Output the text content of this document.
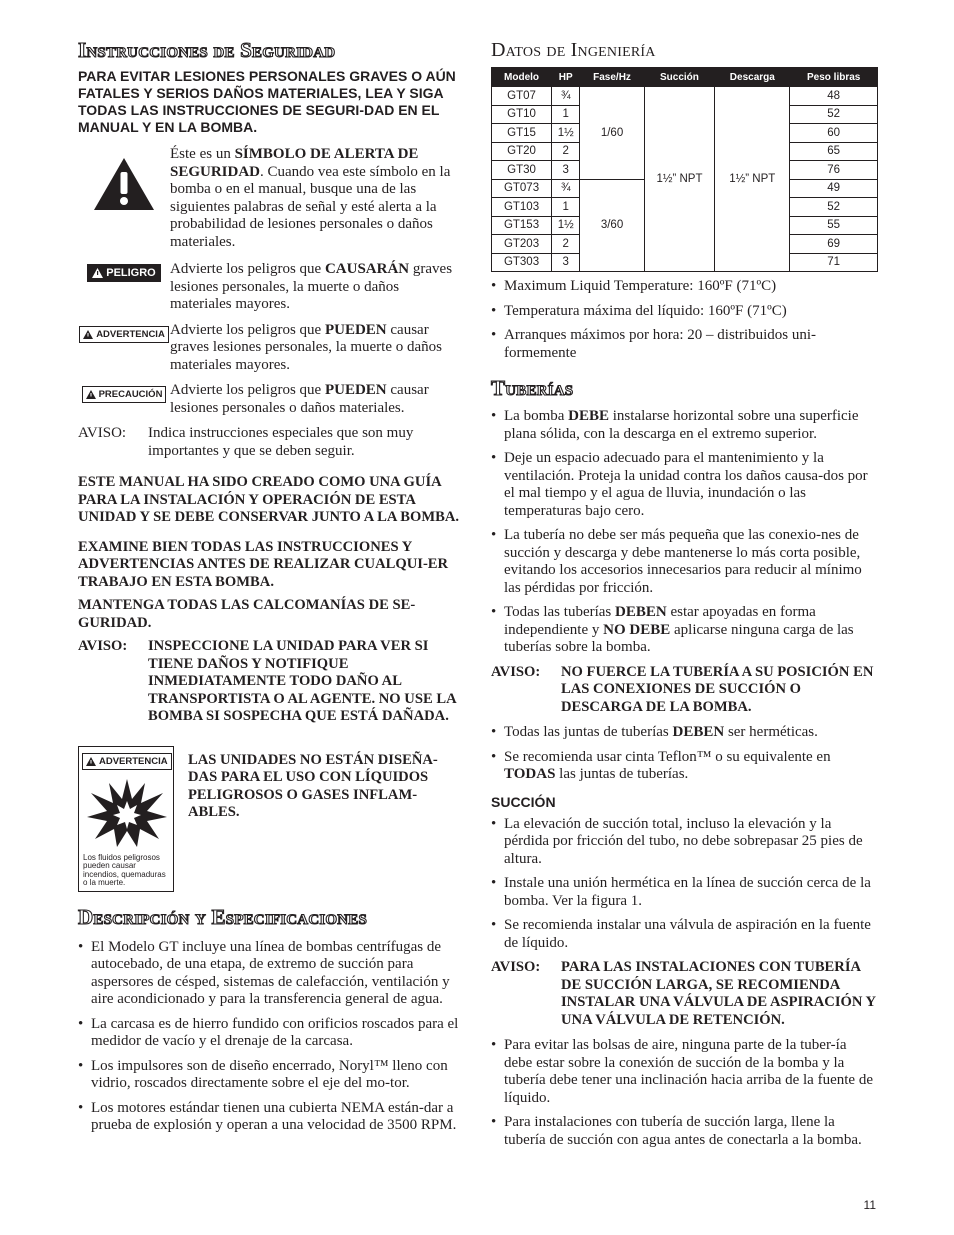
Instrucciones de Seguridad

PARA EVITAR LESIONES PERSONALES GRAVES O AÚN FATALES Y SERIOS DAÑOS MATERIALES, LEA Y SIGA TODAS LAS INSTRUCCIONES DE SEGURI-DAD EN EL MANUAL Y EN LA BOMBA.

Éste es un SÍMBOLO DE ALERTA DE SEGURIDAD. Cuando vea este símbolo en la bomba o en el manual, busque una de las siguientes palabras de señal y esté alerta a la probabilidad de lesiones personales o daños materiales.
PELIGRO Advierte los peligros que CAUSARÁN graves lesiones personales, la muerte o daños materiales mayores.
ADVERTENCIA Advierte los peligros que PUEDEN causar graves lesiones personales, la muerte o daños materiales mayores.
PRECAUCIÓN Advierte los peligros que PUEDEN causar lesiones personales o daños materiales.
AVISO:	Indica instrucciones especiales que son muy importantes y que se deben seguir.

ESTE MANUAL HA SIDO CREADO COMO UNA GUÍA PARA LA INSTALACIÓN Y OPERACIÓN DE ESTA UNIDAD Y SE DEBE CONSERVAR JUNTO A LA BOMBA.

EXAMINE BIEN TODAS LAS INSTRUCCIONES Y ADVERTENCIAS ANTES DE REALIZAR CUALQUI-ER TRABAJO EN ESTA BOMBA.

MANTENGA TODAS LAS CALCOMANÍAS DE SE-GURIDAD.

AVISO:	INSPECCIONE LA UNIDAD PARA VER SI TIENE DAÑOS Y NOTIFIQUE INMEDIATAMENTE TODO DAÑO AL TRANSPORTISTA O AL AGENTE. NO USE LA BOMBA SI SOSPECHA QUE ESTÁ DAÑADA.
ADVERTENCIA
Los fluidos peligrosos pueden causar incendios, quemaduras o la muerte.

LAS UNIDADES NO ESTÁN DISEÑA-DAS PARA EL USO CON LÍQUIDOS PELIGROSOS O GASES INFLAM-ABLES.

Descripción y Especificaciones
• El Modelo GT incluye una línea de bombas centrífugas de autocebado, de una etapa, de extremo de succión para aspersores de césped, sistemas de calefacción, ventilación y aire acondicionado y para la transferencia general de agua.
• La carcasa es de hierro fundido con orificios roscados para el medidor de vacío y el drenaje de la carcasa.
• Los impulsores son de diseño encerrado, Noryl™ lleno con vidrio, roscados directamente sobre el eje del mo-tor.
• Los motores estándar tienen una cubierta NEMA están-dar a prueba de explosión y operan a una velocidad de 3500 RPM.
Datos de Ingeniería
Modelo	HP	Fase/Hz	Succión	Descarga	Peso libras
GT07	¾	1/60	1½” NPT	1½” NPT	48
GT10	1				52
GT15	1½				60
GT20	2				65
GT30	3				76
GT073	¾	3/60			49
GT103	1				52
GT153	1½				55
GT203	2				69
GT303	3				71
• Maximum Liquid Temperature: 160ºF (71ºC)
• Temperatura máxima del líquido: 160ºF (71ºC)
• Arranques máximos por hora: 20 – distribuidos uni-formemente
Tuberías
• La bomba DEBE instalarse horizontal sobre una superficie plana sólida, con la descarga en el extremo superior.
• Deje un espacio adecuado para el mantenimiento y la ventilación. Proteja la unidad contra los daños causa-dos por el mal tiempo y el agua de lluvia, inundación o las temperaturas bajo cero.
• La tubería no debe ser más pequeña que las conexio-nes de succión y descarga y debe mantenerse lo más corta posible, evitando los accesorios innecesarios para reducir al mínimo las pérdidas por fricción.
• Todas las tuberías DEBEN estar apoyadas en forma independiente y NO DEBE aplicarse ninguna carga de las tuberías sobre la bomba.
AVISO:	NO FUERCE LA TUBERÍA A SU POSICIÓN EN LAS CONEXIONES DE SUCCIÓN O DESCARGA DE LA BOMBA.
• Todas las juntas de tuberías DEBEN ser herméticas.
• Se recomienda usar cinta Teflon™ o su equivalente en TODAS las juntas de tuberías.
SUCCIÓN
• La elevación de succión total, incluso la elevación y la pérdida por fricción del tubo, no debe sobrepasar 25 pies de altura.
• Instale una unión hermética en la línea de succión cerca de la bomba. Ver la figura 1.
• Se recomienda instalar una válvula de aspiración en la fuente de líquido.
AVISO:	PARA LAS INSTALACIONES CON TUBERÍA DE SUCCIÓN LARGA, SE RECOMIENDA INSTALAR UNA VÁLVULA DE ASPIRACIÓN Y UNA VÁLVULA DE RETENCIÓN.
• Para evitar las bolsas de aire, ninguna parte de la tuber-ía debe estar sobre la conexión de succión de la bomba y la tubería debe tener una inclinación hacia arriba de la fuente de líquido.
• Para instalaciones con tubería de succión larga, llene la tubería de succión con agua antes de conectarla a la bomba.
11
